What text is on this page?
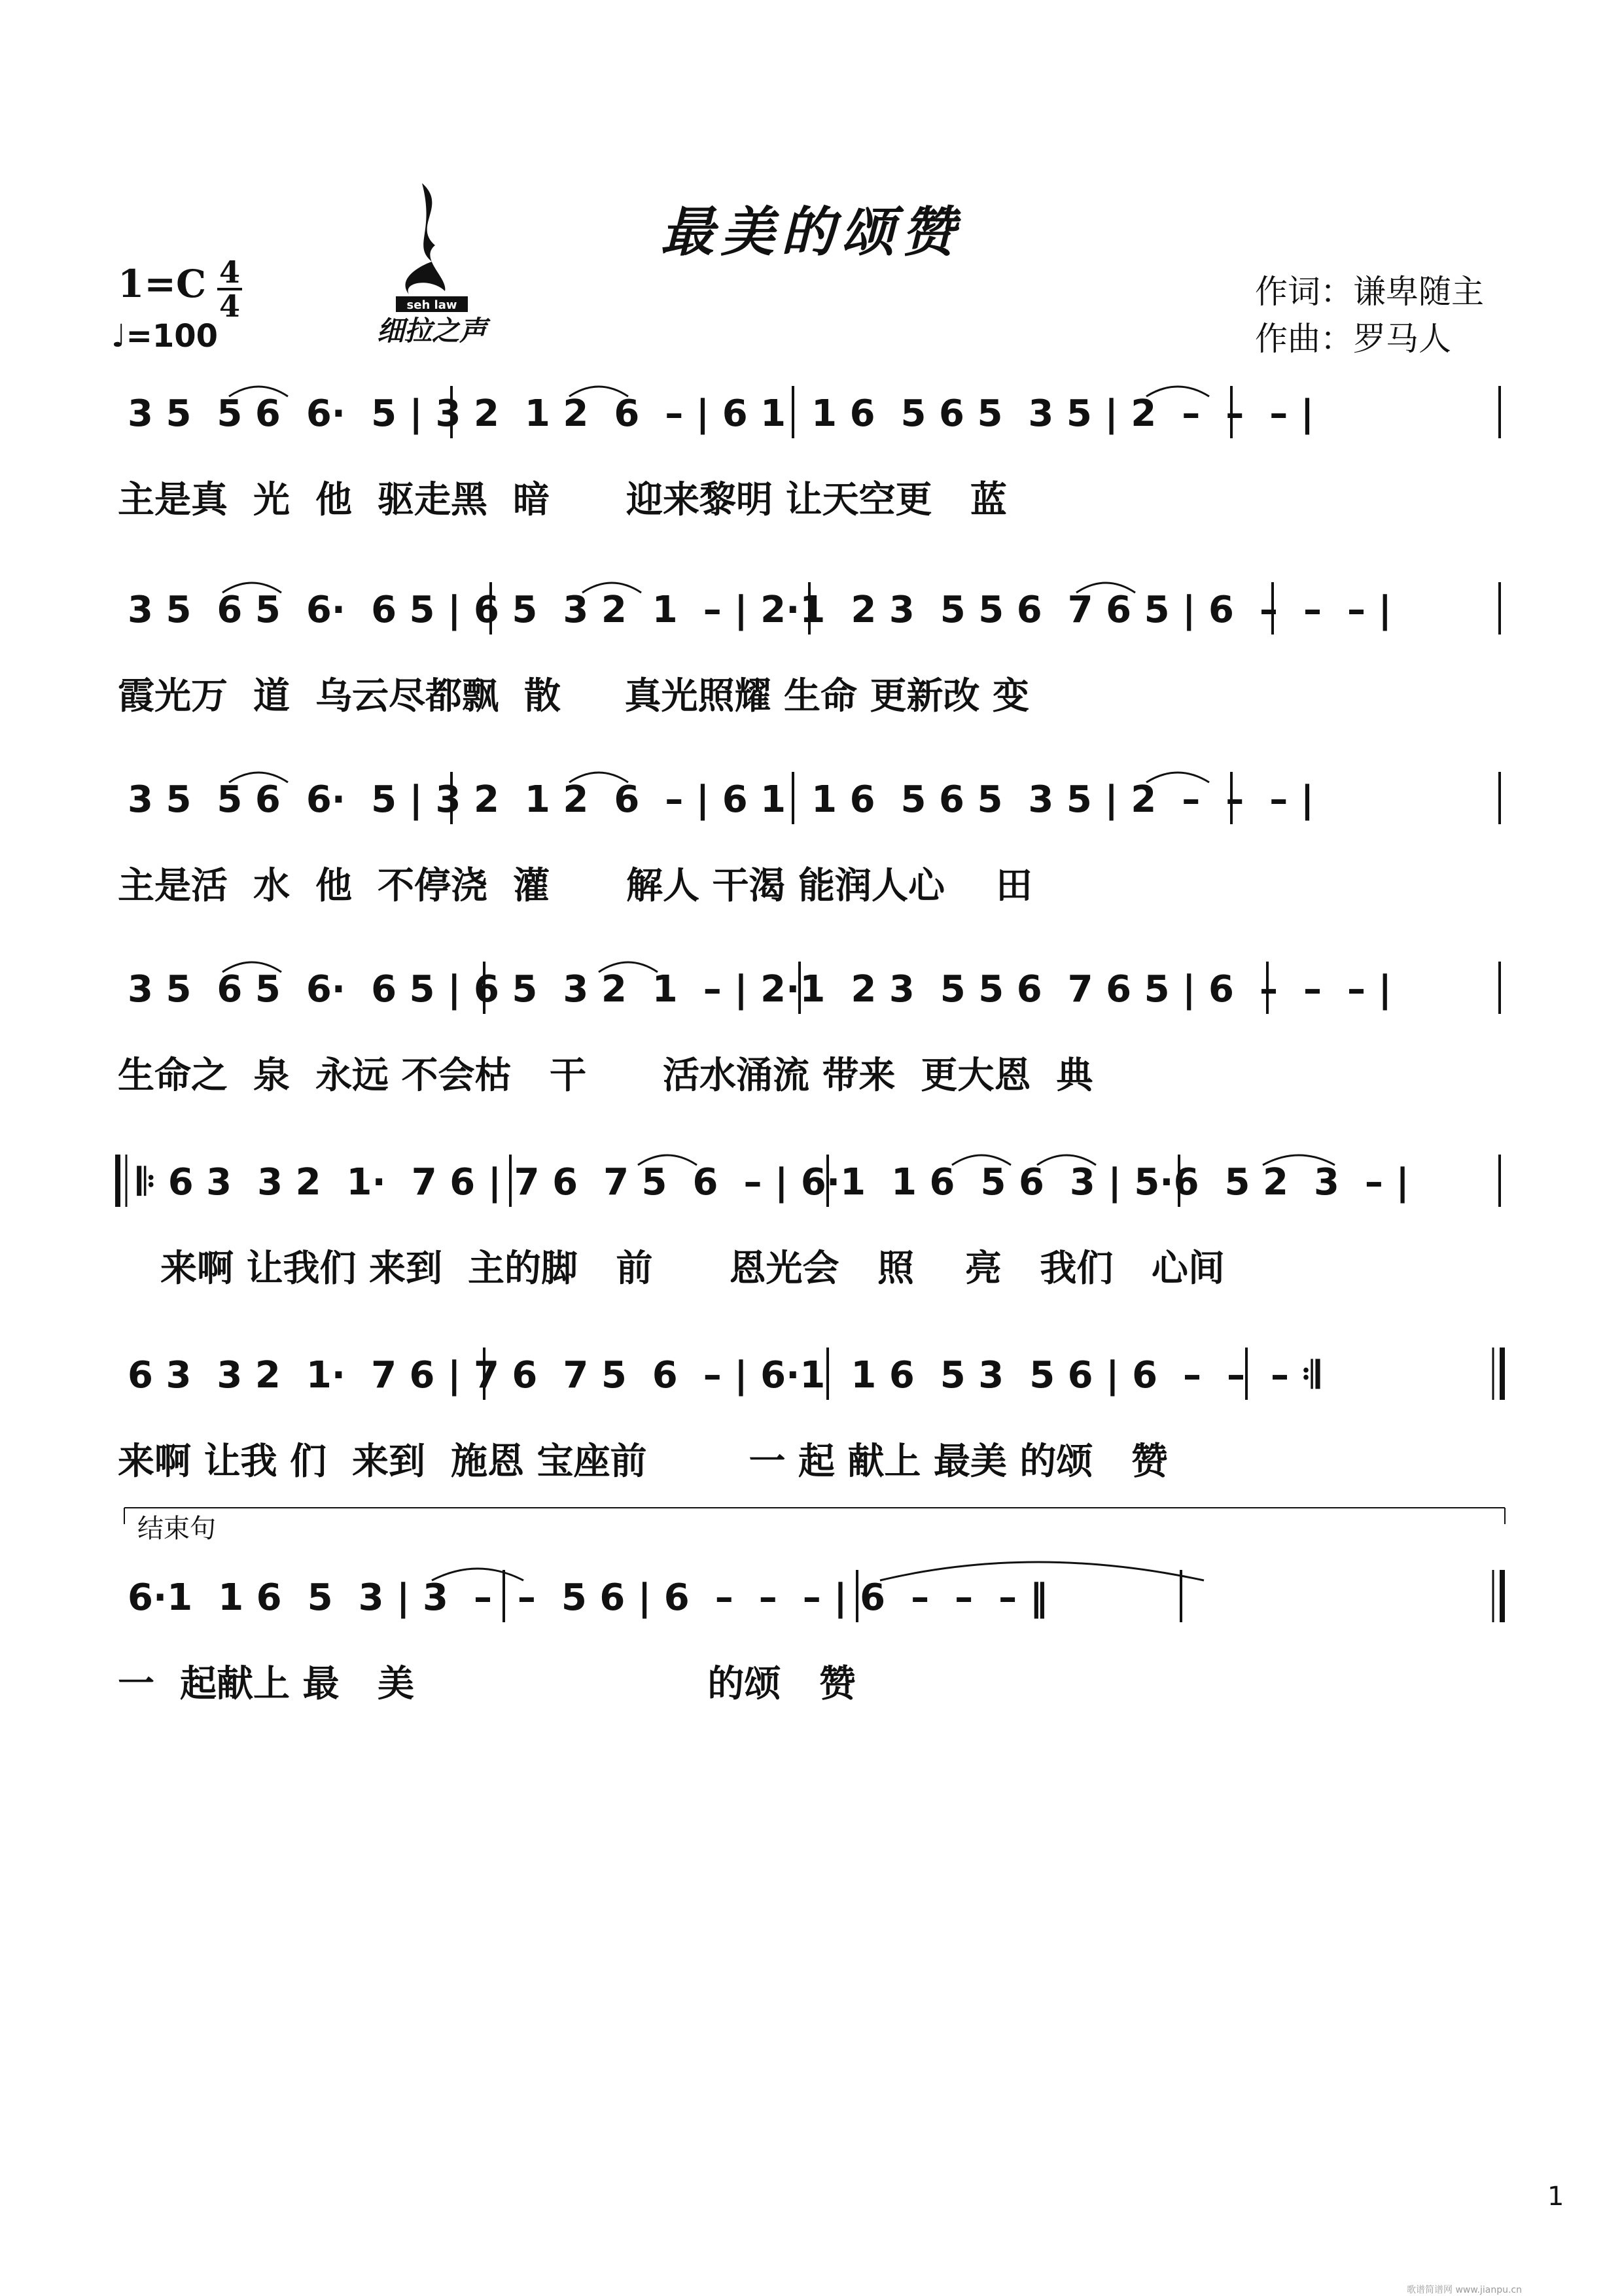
最美的颂赞
1=C 4
4
♩=100
seh law
细拉之声
作词：谦卑随主
作曲：罗马人
3 5  5 6  6·  5 | 3 2  1 2  6  – | 6 1  1 6  5 6 5  3 5 | 2  –  –  – |
主是真  光  他  驱走黑  暗      迎来黎明 让天空更   蓝
3 5  6 5  6·  6 5 | 6 5  3 2  1  – | 2·1  2 3  5 5 6  7 6 5 | 6  –  –  – |
霞光万  道  乌云尽都飘  散     真光照耀 生命 更新改 变
3 5  5 6  6·  5 | 3 2  1 2  6  – | 6 1  1 6  5 6 5  3 5 | 2  –  –  – |
主是活  水  他  不停浇  灌      解人 干渴 能润人心    田
3 5  6 5  6·  6 5 | 6 5  3 2  1  – | 2·1  2 3  5 5 6  7 6 5 | 6  –  –  – |
生命之  泉  永远 不会枯   干      活水涌流 带来  更大恩  典
𝄆 6 3  3 2  1·  7 6 | 7 6  7 5  6  – | 6·1  1 6  5 6  3 | 5·6  5 2  3  – |
来啊 让我们 来到  主的脚   前      恩光会   照    亮   我们   心间
6 3  3 2  1·  7 6 | 7 6  7 5  6  – | 6·1  1 6  5 3  5 6 | 6  –  –  – 𝄇
来啊 让我 们  来到  施恩 宝座前        一 起 献上 最美 的颂   赞
结束句
6·1  1 6  5  3 | 3  –  –  5 6 | 6  –  –  – | 6  –  –  – ‖
一  起献上 最   美                       的颂   赞
1
歌谱简谱网 www.jianpu.cn
